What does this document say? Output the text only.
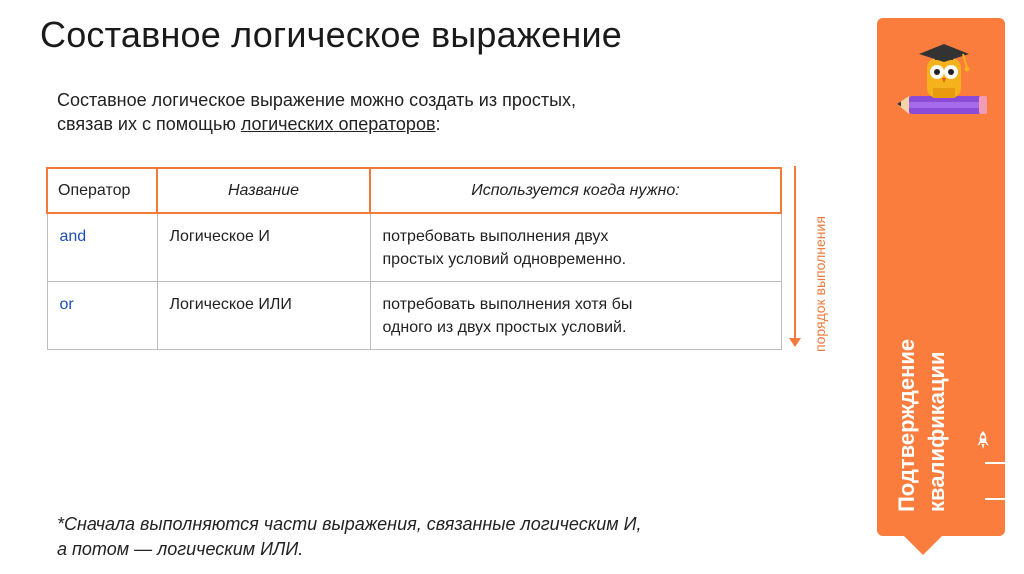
Составное логическое выражение
Составное логическое выражение можно создать из простых,
связав их с помощью логических операторов:
Оператор	Название	Используется когда нужно:
and	Логическое И	потребовать выполнения двух
простых условий одновременно.
or	Логическое ИЛИ	потребовать выполнения хотя бы
одного из двух простых условий.	порядок выполнения
Подтверждение квалификации
*Сначала выполняются части выражения, связанные логическим И,
а потом — логическим ИЛИ.
